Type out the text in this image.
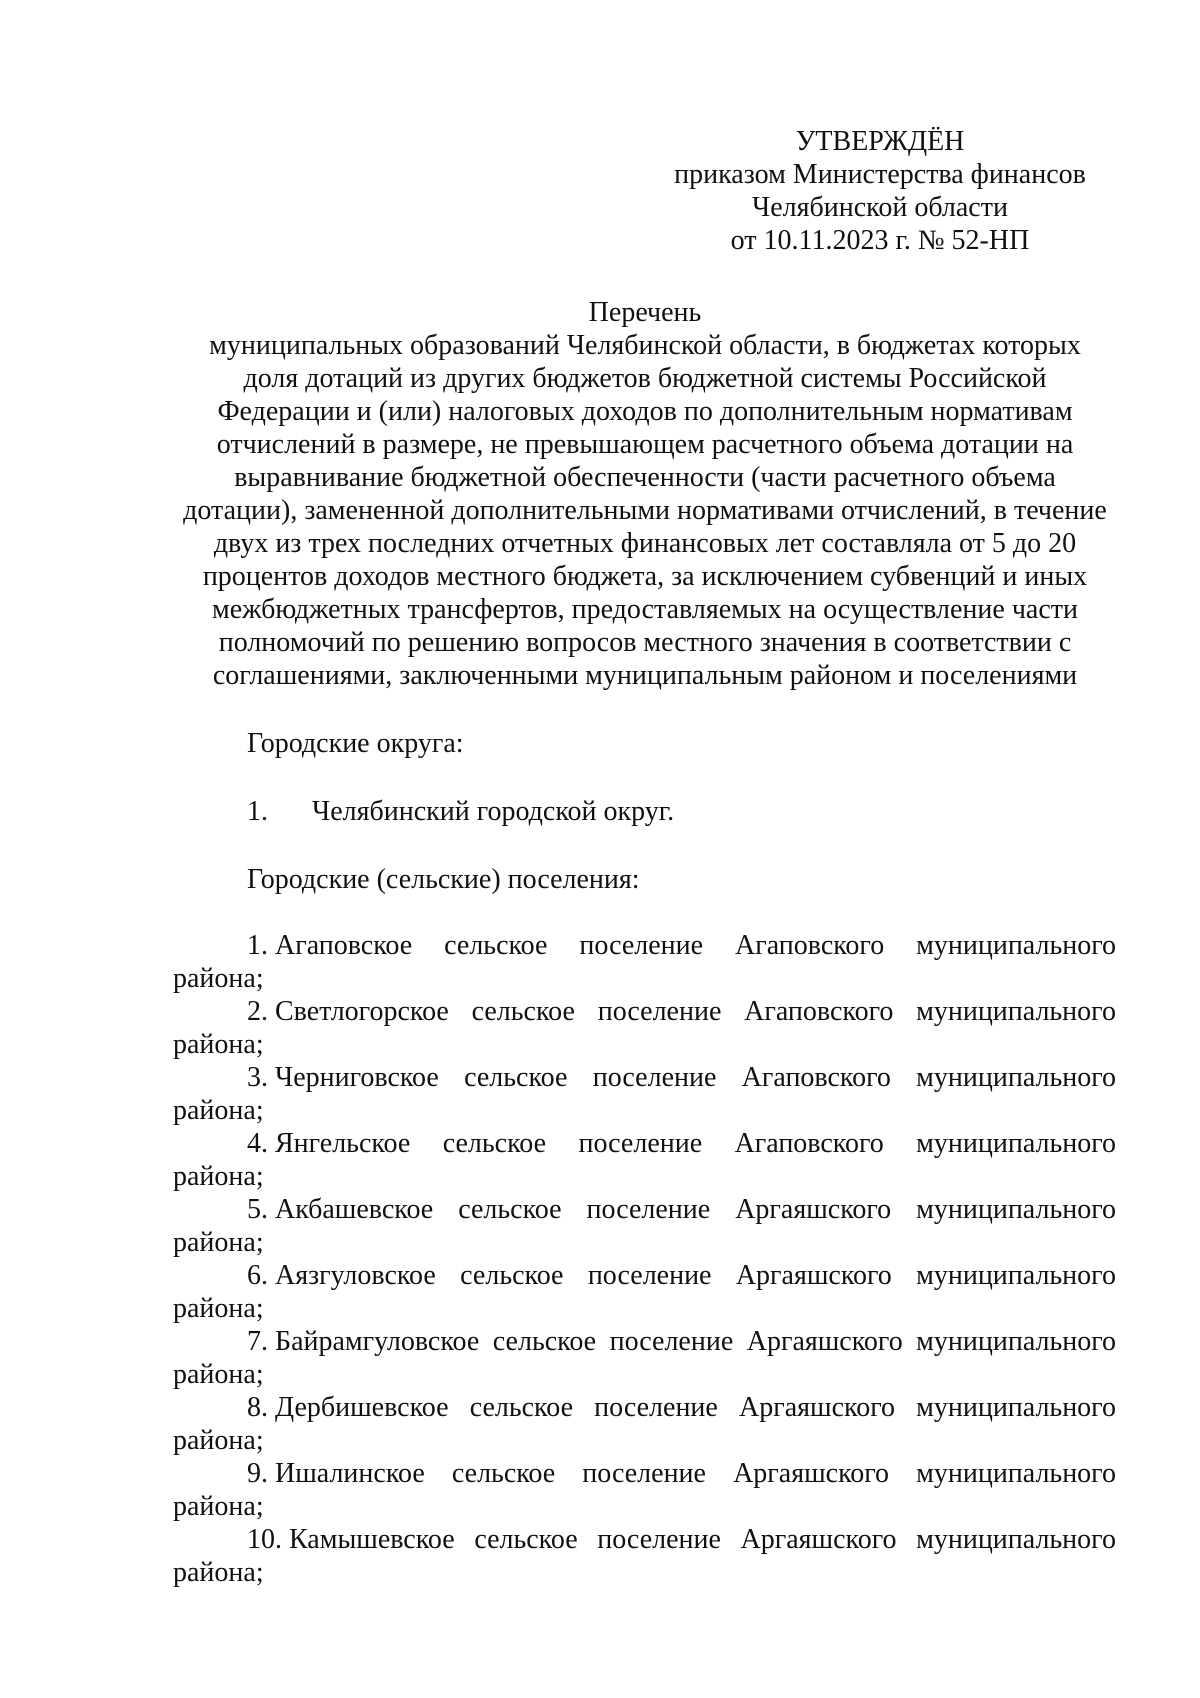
УТВЕРЖДЁН
приказом Министерства финансов
Челябинской области
от 10.11.2023 г. № 52-НП
Перечень
муниципальных образований Челябинской области, в бюджетах которых
доля дотаций из других бюджетов бюджетной системы Российской
Федерации и (или) налоговых доходов по дополнительным нормативам
отчислений в размере, не превышающем расчетного объема дотации на
выравнивание бюджетной обеспеченности (части расчетного объема
дотации), замененной дополнительными нормативами отчислений, в течение
двух из трех последних отчетных финансовых лет составляла от 5 до 20
процентов доходов местного бюджета, за исключением субвенций и иных
межбюджетных трансфертов, предоставляемых на осуществление части
полномочий по решению вопросов местного значения в соответствии с
соглашениями, заключенными муниципальным районом и поселениями
Городские округа:
1. Челябинский городской округ.
Городские (сельские) поселения:
1. Агаповское сельское поселение Агаповского муниципального
района;
2. Светлогорское сельское поселение Агаповского муниципального
района;
3. Черниговское сельское поселение Агаповского муниципального
района;
4. Янгельское сельское поселение Агаповского муниципального
района;
5. Акбашевское сельское поселение Аргаяшского муниципального
района;
6. Аязгуловское сельское поселение Аргаяшского муниципального
района;
7. Байрамгуловское сельское поселение Аргаяшского муниципального
района;
8. Дербишевское сельское поселение Аргаяшского муниципального
района;
9. Ишалинское сельское поселение Аргаяшского муниципального
района;
10. Камышевское сельское поселение Аргаяшского муниципального
района;
